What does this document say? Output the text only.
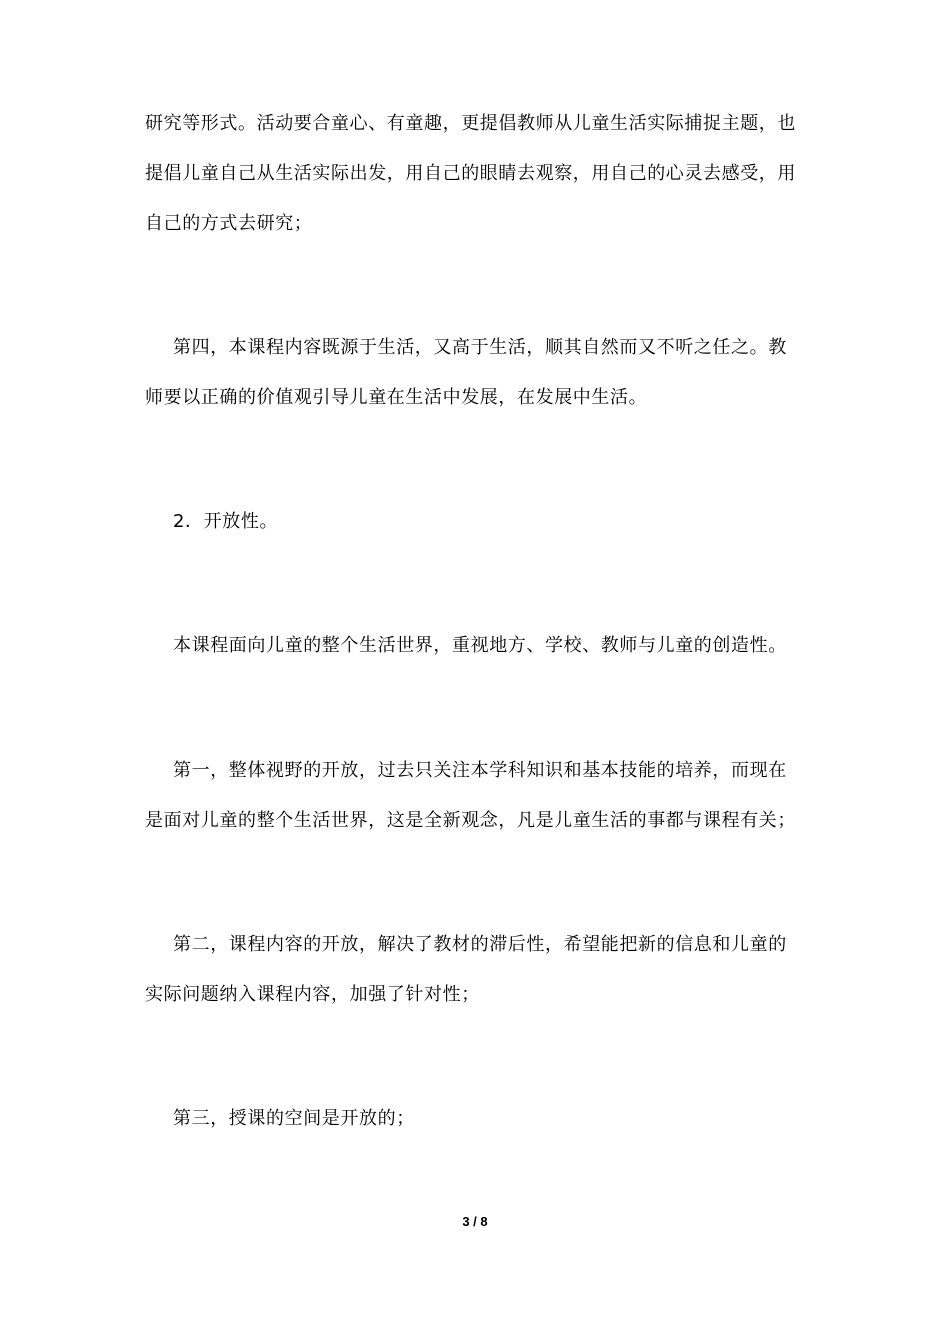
研究等形式。活动要合童心、有童趣，更提倡教师从儿童生活实际捕捉主题，也
提倡儿童自己从生活实际出发，用自己的眼睛去观察，用自己的心灵去感受，用
自己的方式去研究；
第四，本课程内容既源于生活，又高于生活，顺其自然而又不听之任之。教
师要以正确的价值观引导儿童在生活中发展，在发展中生活。
2．开放性。
本课程面向儿童的整个生活世界，重视地方、学校、教师与儿童的创造性。
第一，整体视野的开放，过去只关注本学科知识和基本技能的培养，而现在
是面对儿童的整个生活世界，这是全新观念，凡是儿童生活的事都与课程有关；
第二，课程内容的开放，解决了教材的滞后性，希望能把新的信息和儿童的
实际问题纳入课程内容，加强了针对性；
第三，授课的空间是开放的；
3 / 8
